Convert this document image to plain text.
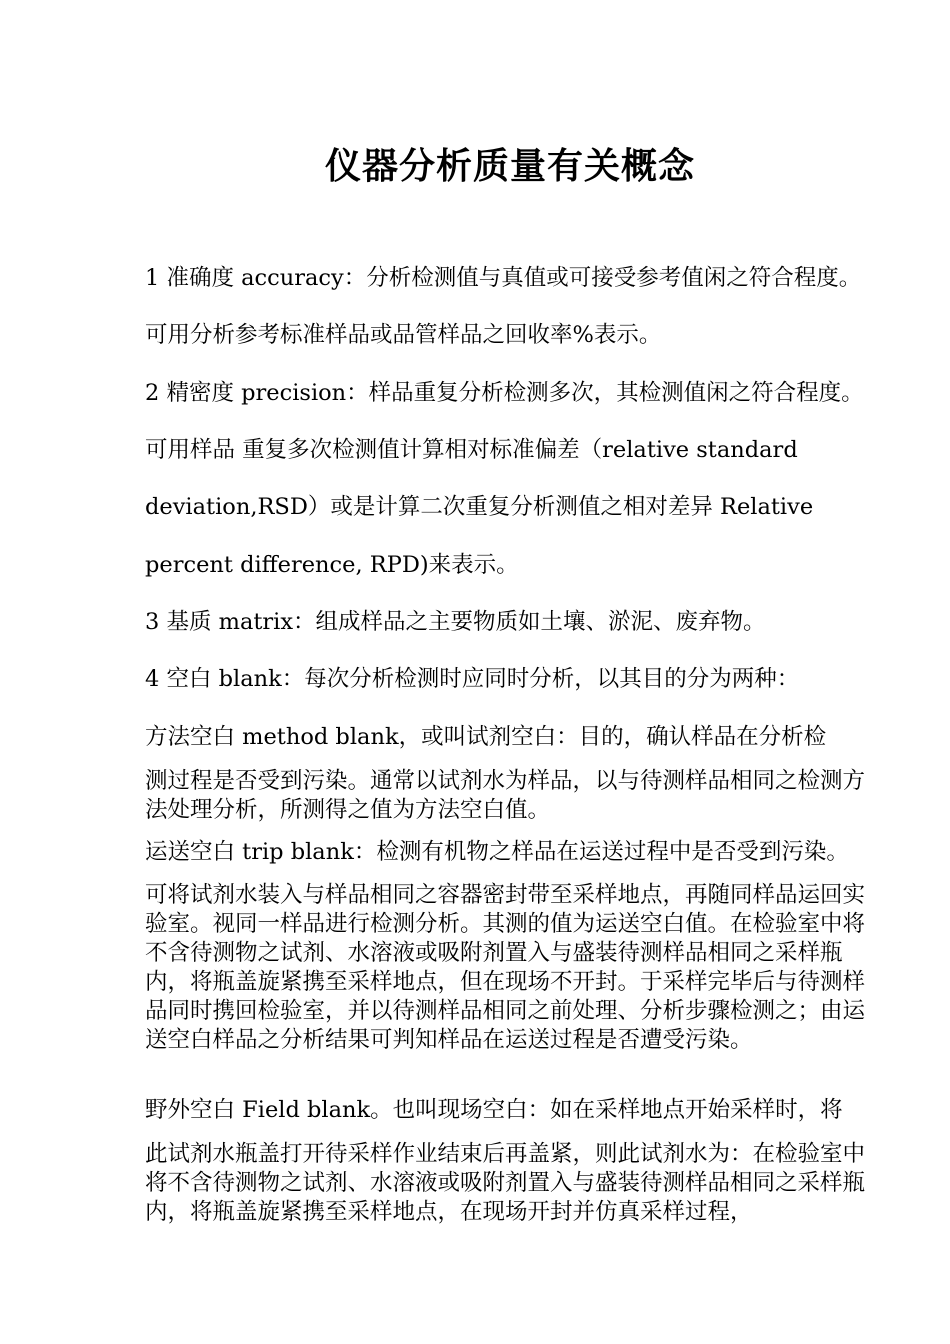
仪器分析质量有关概念
1 准确度 accuracy：分析检测值与真值或可接受参考值闲之符合程度。
可用分析参考标准样品或品管样品之回收率%表示。
2 精密度 precision：样品重复分析检测多次，其检测值闲之符合程度。
可用样品 重复多次检测值计算相对标准偏差（relative standard
deviation,RSD）或是计算二次重复分析测值之相对差异 Relative
percent difference, RPD)来表示。
3 基质 matrix：组成样品之主要物质如土壤、淤泥、废弃物。
4 空白 blank：每次分析检测时应同时分析，以其目的分为两种：
方法空白 method blank，或叫试剂空白：目的，确认样品在分析检
测过程是否受到污染。通常以试剂水为样品，以与待测样品相同之检测方法处理分析，所测得之值为方法空白值。
运送空白 trip blank：检测有机物之样品在运送过程中是否受到污染。
可将试剂水装入与样品相同之容器密封带至采样地点，再随同样品运回实验室。视同一样品进行检测分析。其测的值为运送空白值。在检验室中将不含待测物之试剂、水溶液或吸附剂置入与盛装待测样品相同之采样瓶内，将瓶盖旋紧携至采样地点，但在现场不开封。于采样完毕后与待测样品同时携回检验室，并以待测样品相同之前处理、分析步骤检测之；由运送空白样品之分析结果可判知样品在运送过程是否遭受污染。
野外空白 Field blank。也叫现场空白：如在采样地点开始采样时，将
此试剂水瓶盖打开待采样作业结束后再盖紧，则此试剂水为：在检验室中将不含待测物之试剂、水溶液或吸附剂置入与盛装待测样品相同之采样瓶内，将瓶盖旋紧携至采样地点，在现场开封并仿真采样过程，
